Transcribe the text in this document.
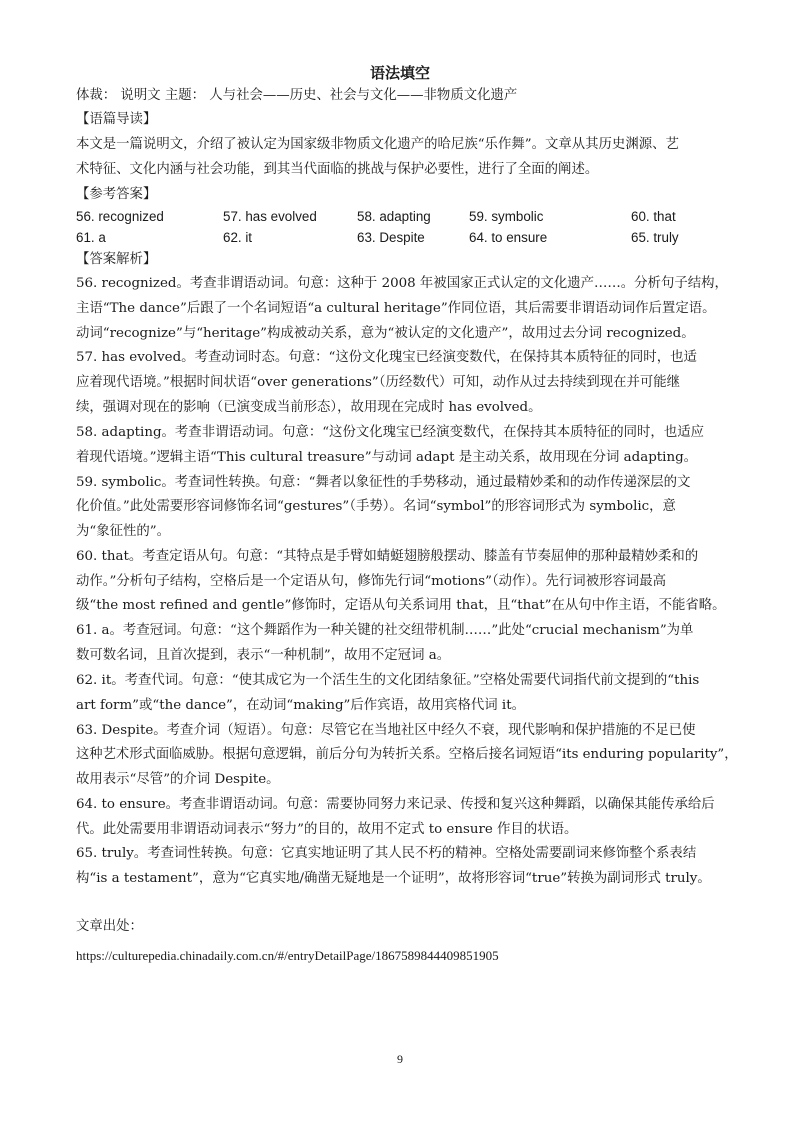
语法填空
体裁： 说明文 主题： 人与社会——历史、社会与文化——非物质文化遗产
【语篇导读】
本文是一篇说明文，介绍了被认定为国家级非物质文化遗产的哈尼族“乐作舞”。文章从其历史渊源、艺
术特征、文化内涵与社会功能，到其当代面临的挑战与保护必要性，进行了全面的阐述。
【参考答案】
56. recognized	57. has evolved	58. adapting	59. symbolic	60. that
61. a	62. it	63. Despite	64. to ensure	65. truly
【答案解析】
56. recognized。考查非谓语动词。句意：这种于 2008 年被国家正式认定的文化遗产……。分析句子结构，
主语“The dance”后跟了一个名词短语“a cultural heritage”作同位语，其后需要非谓语动词作后置定语。
动词“recognize”与“heritage”构成被动关系，意为“被认定的文化遗产”，故用过去分词 recognized。
57. has evolved。考查动词时态。句意：“这份文化瑰宝已经演变数代，在保持其本质特征的同时，也适
应着现代语境。”根据时间状语“over generations”（历经数代）可知，动作从过去持续到现在并可能继
续，强调对现在的影响（已演变成当前形态），故用现在完成时 has evolved。
58. adapting。考查非谓语动词。句意：“这份文化瑰宝已经演变数代，在保持其本质特征的同时，也适应
着现代语境。”逻辑主语“This cultural treasure”与动词 adapt 是主动关系，故用现在分词 adapting。
59. symbolic。考查词性转换。句意：“舞者以象征性的手势移动，通过最精妙柔和的动作传递深层的文
化价值。”此处需要形容词修饰名词“gestures”（手势）。名词“symbol”的形容词形式为 symbolic，意
为“象征性的”。
60. that。考查定语从句。句意：“其特点是手臂如蜻蜓翅膀般摆动、膝盖有节奏屈伸的那种最精妙柔和的
动作。”分析句子结构，空格后是一个定语从句，修饰先行词“motions”（动作）。先行词被形容词最高
级“the most refined and gentle”修饰时，定语从句关系词用 that，且“that”在从句中作主语，不能省略。
61. a。考查冠词。句意：“这个舞蹈作为一种关键的社交纽带机制……”此处“crucial mechanism”为单
数可数名词，且首次提到，表示“一种机制”，故用不定冠词 a。
62. it。考查代词。句意：“使其成它为一个活生生的文化团结象征。”空格处需要代词指代前文提到的“this
art form”或“the dance”，在动词“making”后作宾语，故用宾格代词 it。
63. Despite。考查介词（短语）。句意：尽管它在当地社区中经久不衰，现代影响和保护措施的不足已使
这种艺术形式面临威胁。根据句意逻辑，前后分句为转折关系。空格后接名词短语“its enduring popularity”，
故用表示“尽管”的介词 Despite。
64. to ensure。考查非谓语动词。句意：需要协同努力来记录、传授和复兴这种舞蹈，以确保其能传承给后
代。此处需要用非谓语动词表示“努力”的目的，故用不定式 to ensure 作目的状语。
65. truly。考查词性转换。句意：它真实地证明了其人民不朽的精神。空格处需要副词来修饰整个系表结
构“is a testament”，意为“它真实地/确凿无疑地是一个证明”，故将形容词“true”转换为副词形式 truly。
文章出处：
https://culturepedia.chinadaily.com.cn/#/entryDetailPage/1867589844409851905
9
